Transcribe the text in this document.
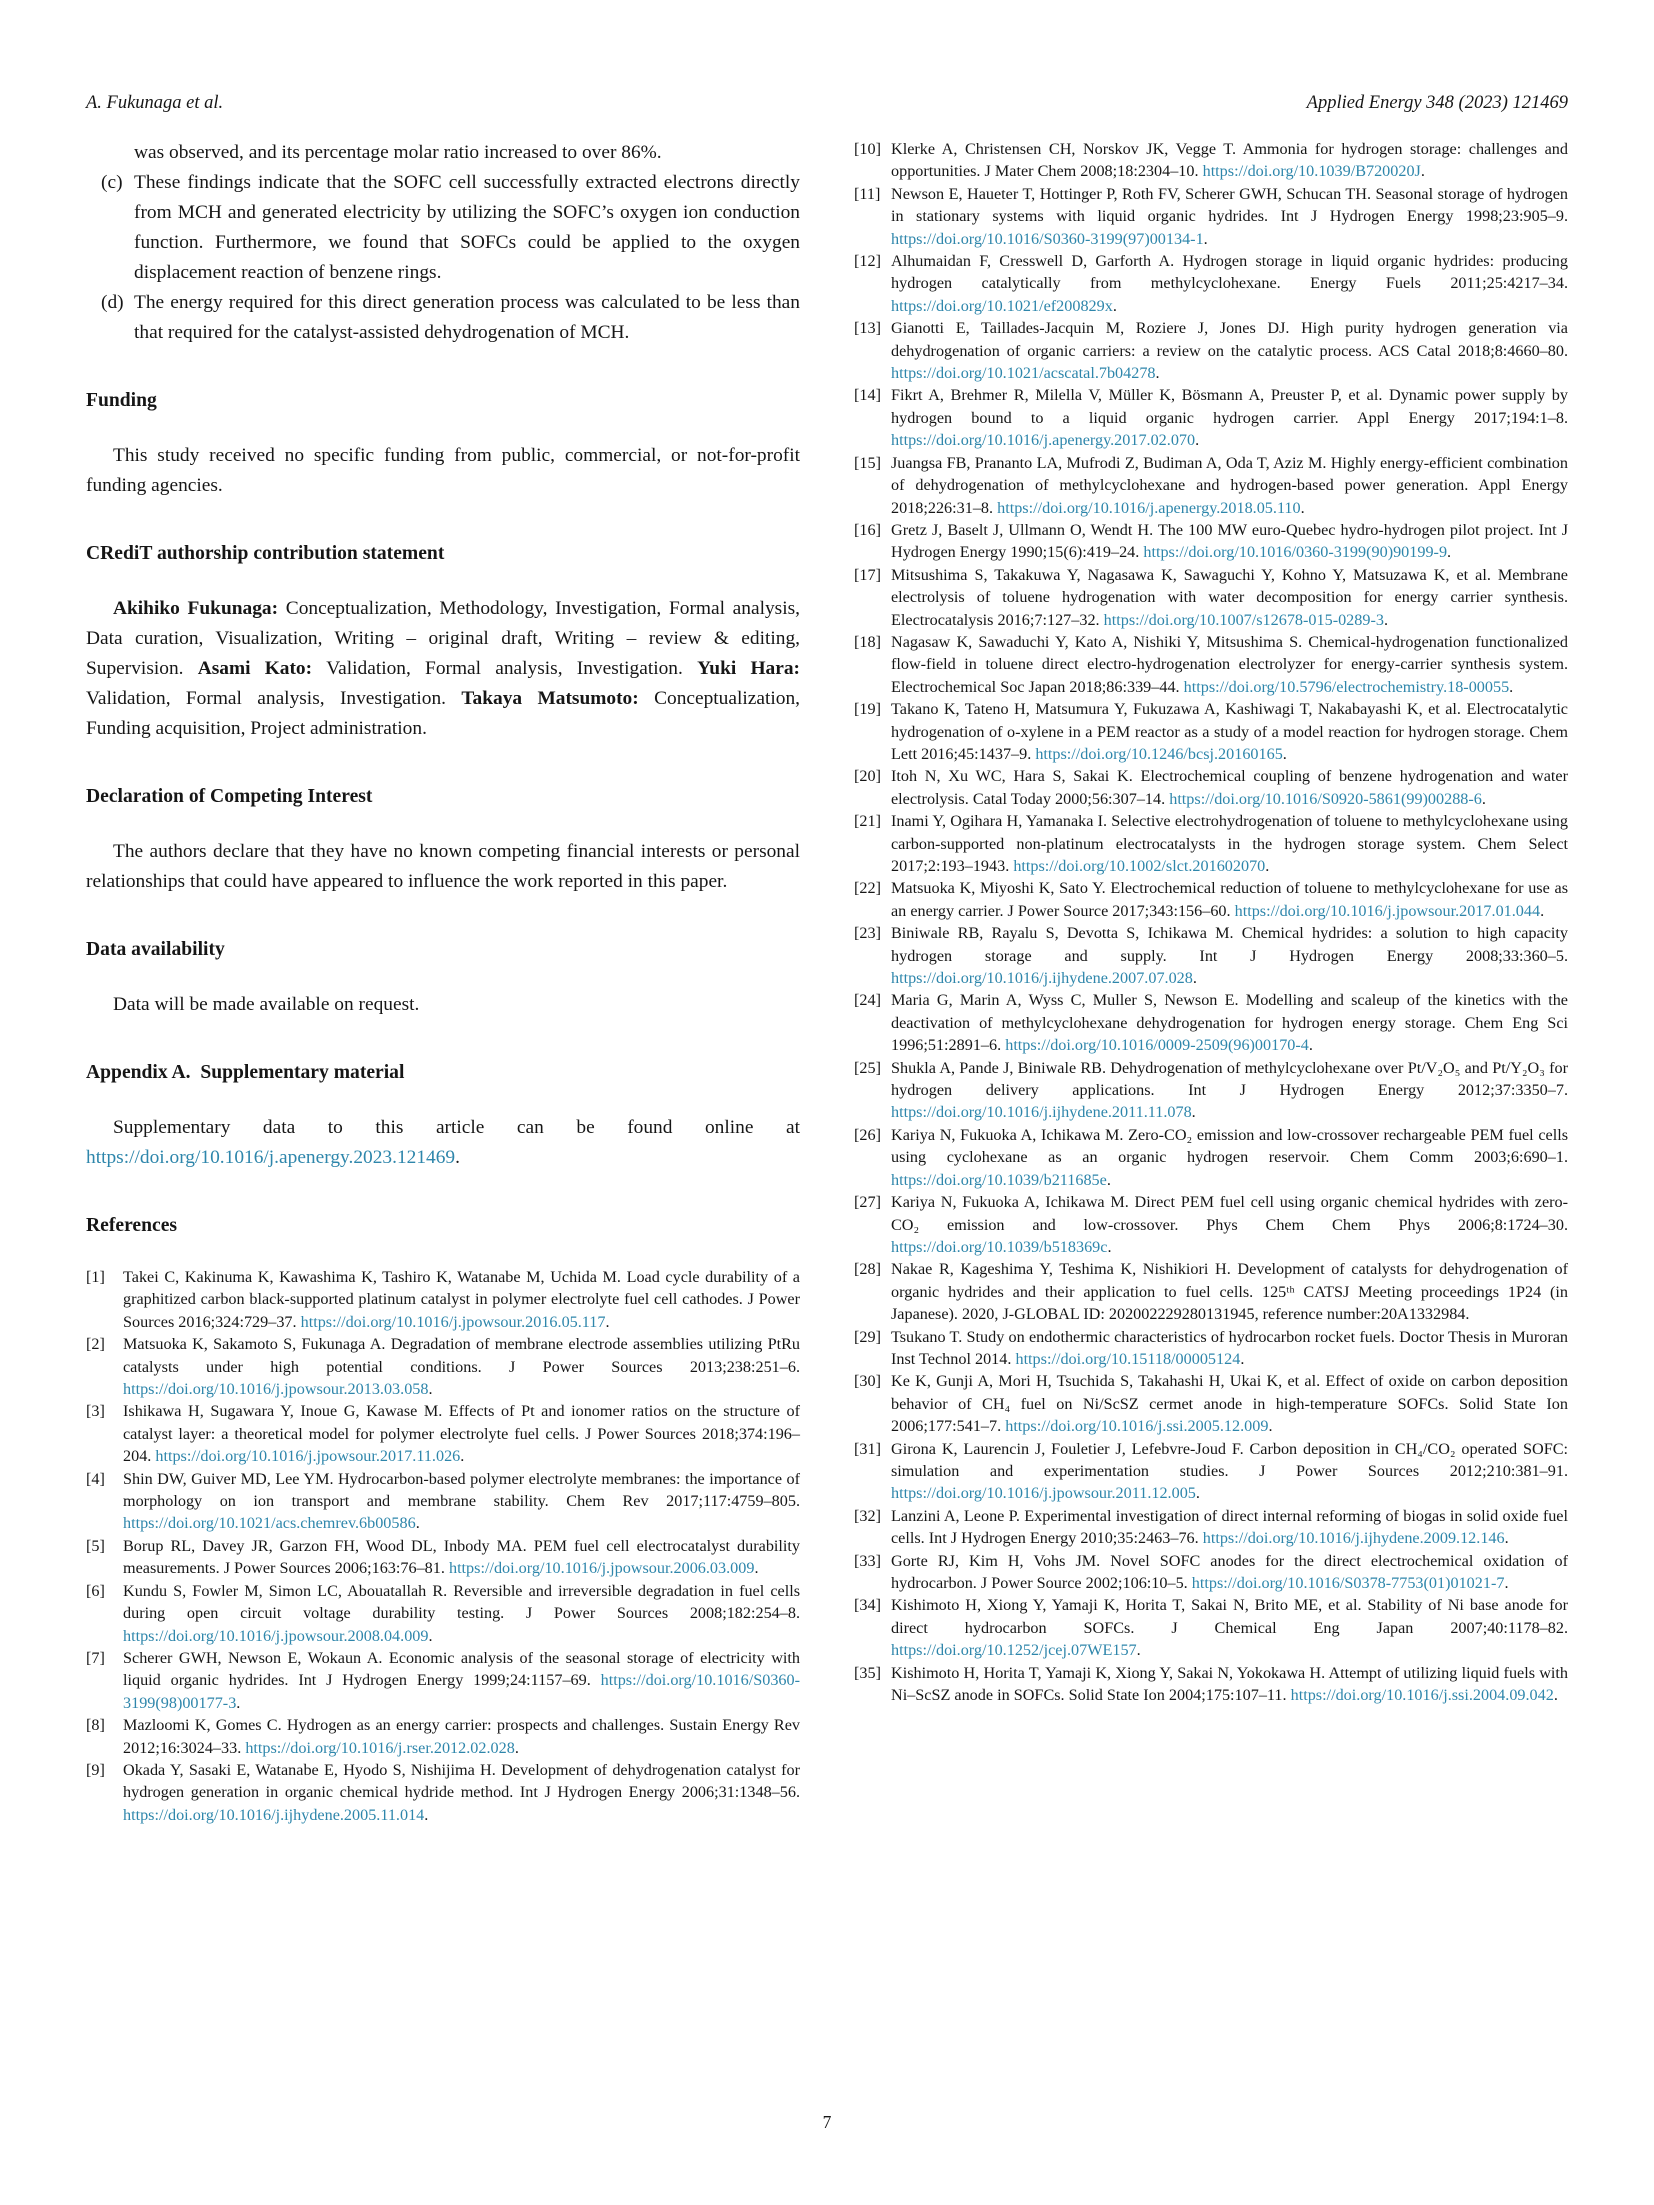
A. Fukunaga et al.	Applied Energy 348 (2023) 121469
was observed, and its percentage molar ratio increased to over 86%.
(c) These findings indicate that the SOFC cell successfully extracted electrons directly from MCH and generated electricity by utilizing the SOFC’s oxygen ion conduction function. Furthermore, we found that SOFCs could be applied to the oxygen displacement reaction of benzene rings.
(d) The energy required for this direct generation process was calculated to be less than that required for the catalyst-assisted dehydrogenation of MCH.
Funding

This study received no specific funding from public, commercial, or not-for-profit funding agencies.

CRediT authorship contribution statement

Akihiko Fukunaga: Conceptualization, Methodology, Investigation, Formal analysis, Data curation, Visualization, Writing – original draft, Writing – review & editing, Supervision. Asami Kato: Validation, Formal analysis, Investigation. Yuki Hara: Validation, Formal analysis, Investigation. Takaya Matsumoto: Conceptualization, Funding acquisition, Project administration.

Declaration of Competing Interest

The authors declare that they have no known competing financial interests or personal relationships that could have appeared to influence the work reported in this paper.

Data availability

Data will be made available on request.

Appendix A.  Supplementary material

Supplementary data to this article can be found online at https://doi.org/10.1016/j.apenergy.2023.121469.

References
[1] Takei C, Kakinuma K, Kawashima K, Tashiro K, Watanabe M, Uchida M. Load cycle durability of a graphitized carbon black-supported platinum catalyst in polymer electrolyte fuel cell cathodes. J Power Sources 2016;324:729–37. https://doi.org/10.1016/j.jpowsour.2016.05.117.
[2] Matsuoka K, Sakamoto S, Fukunaga A. Degradation of membrane electrode assemblies utilizing PtRu catalysts under high potential conditions. J Power Sources 2013;238:251–6. https://doi.org/10.1016/j.jpowsour.2013.03.058.
[3] Ishikawa H, Sugawara Y, Inoue G, Kawase M. Effects of Pt and ionomer ratios on the structure of catalyst layer: a theoretical model for polymer electrolyte fuel cells. J Power Sources 2018;374:196–204. https://doi.org/10.1016/j.jpowsour.2017.11.026.
[4] Shin DW, Guiver MD, Lee YM. Hydrocarbon-based polymer electrolyte membranes: the importance of morphology on ion transport and membrane stability. Chem Rev 2017;117:4759–805. https://doi.org/10.1021/acs.chemrev.6b00586.
[5] Borup RL, Davey JR, Garzon FH, Wood DL, Inbody MA. PEM fuel cell electrocatalyst durability measurements. J Power Sources 2006;163:76–81. https://doi.org/10.1016/j.jpowsour.2006.03.009.
[6] Kundu S, Fowler M, Simon LC, Abouatallah R. Reversible and irreversible degradation in fuel cells during open circuit voltage durability testing. J Power Sources 2008;182:254–8. https://doi.org/10.1016/j.jpowsour.2008.04.009.
[7] Scherer GWH, Newson E, Wokaun A. Economic analysis of the seasonal storage of electricity with liquid organic hydrides. Int J Hydrogen Energy 1999;24:1157–69. https://doi.org/10.1016/S0360-3199(98)00177-3.
[8] Mazloomi K, Gomes C. Hydrogen as an energy carrier: prospects and challenges. Sustain Energy Rev 2012;16:3024–33. https://doi.org/10.1016/j.rser.2012.02.028.
[9] Okada Y, Sasaki E, Watanabe E, Hyodo S, Nishijima H. Development of dehydrogenation catalyst for hydrogen generation in organic chemical hydride method. Int J Hydrogen Energy 2006;31:1348–56. https://doi.org/10.1016/j.ijhydene.2005.11.014.
[10] Klerke A, Christensen CH, Norskov JK, Vegge T. Ammonia for hydrogen storage: challenges and opportunities. J Mater Chem 2008;18:2304–10. https://doi.org/10.1039/B720020J.
[11] Newson E, Haueter T, Hottinger P, Roth FV, Scherer GWH, Schucan TH. Seasonal storage of hydrogen in stationary systems with liquid organic hydrides. Int J Hydrogen Energy 1998;23:905–9. https://doi.org/10.1016/S0360-3199(97)00134-1.
[12] Alhumaidan F, Cresswell D, Garforth A. Hydrogen storage in liquid organic hydrides: producing hydrogen catalytically from methylcyclohexane. Energy Fuels 2011;25:4217–34. https://doi.org/10.1021/ef200829x.
[13] Gianotti E, Taillades-Jacquin M, Roziere J, Jones DJ. High purity hydrogen generation via dehydrogenation of organic carriers: a review on the catalytic process. ACS Catal 2018;8:4660–80. https://doi.org/10.1021/acscatal.7b04278.
[14] Fikrt A, Brehmer R, Milella V, Müller K, Bösmann A, Preuster P, et al. Dynamic power supply by hydrogen bound to a liquid organic hydrogen carrier. Appl Energy 2017;194:1–8. https://doi.org/10.1016/j.apenergy.2017.02.070.
[15] Juangsa FB, Prananto LA, Mufrodi Z, Budiman A, Oda T, Aziz M. Highly energy-efficient combination of dehydrogenation of methylcyclohexane and hydrogen-based power generation. Appl Energy 2018;226:31–8. https://doi.org/10.1016/j.apenergy.2018.05.110.
[16] Gretz J, Baselt J, Ullmann O, Wendt H. The 100 MW euro-Quebec hydro-hydrogen pilot project. Int J Hydrogen Energy 1990;15(6):419–24. https://doi.org/10.1016/0360-3199(90)90199-9.
[17] Mitsushima S, Takakuwa Y, Nagasawa K, Sawaguchi Y, Kohno Y, Matsuzawa K, et al. Membrane electrolysis of toluene hydrogenation with water decomposition for energy carrier synthesis. Electrocatalysis 2016;7:127–32. https://doi.org/10.1007/s12678-015-0289-3.
[18] Nagasaw K, Sawaduchi Y, Kato A, Nishiki Y, Mitsushima S. Chemical-hydrogenation functionalized flow-field in toluene direct electro-hydrogenation electrolyzer for energy-carrier synthesis system. Electrochemical Soc Japan 2018;86:339–44. https://doi.org/10.5796/electrochemistry.18-00055.
[19] Takano K, Tateno H, Matsumura Y, Fukuzawa A, Kashiwagi T, Nakabayashi K, et al. Electrocatalytic hydrogenation of o-xylene in a PEM reactor as a study of a model reaction for hydrogen storage. Chem Lett 2016;45:1437–9. https://doi.org/10.1246/bcsj.20160165.
[20] Itoh N, Xu WC, Hara S, Sakai K. Electrochemical coupling of benzene hydrogenation and water electrolysis. Catal Today 2000;56:307–14. https://doi.org/10.1016/S0920-5861(99)00288-6.
[21] Inami Y, Ogihara H, Yamanaka I. Selective electrohydrogenation of toluene to methylcyclohexane using carbon-supported non-platinum electrocatalysts in the hydrogen storage system. Chem Select 2017;2:193–1943. https://doi.org/10.1002/slct.201602070.
[22] Matsuoka K, Miyoshi K, Sato Y. Electrochemical reduction of toluene to methylcyclohexane for use as an energy carrier. J Power Source 2017;343:156–60. https://doi.org/10.1016/j.jpowsour.2017.01.044.
[23] Biniwale RB, Rayalu S, Devotta S, Ichikawa M. Chemical hydrides: a solution to high capacity hydrogen storage and supply. Int J Hydrogen Energy 2008;33:360–5. https://doi.org/10.1016/j.ijhydene.2007.07.028.
[24] Maria G, Marin A, Wyss C, Muller S, Newson E. Modelling and scaleup of the kinetics with the deactivation of methylcyclohexane dehydrogenation for hydrogen energy storage. Chem Eng Sci 1996;51:2891–6. https://doi.org/10.1016/0009-2509(96)00170-4.
[25] Shukla A, Pande J, Biniwale RB. Dehydrogenation of methylcyclohexane over Pt/V₂O₅ and Pt/Y₂O₃ for hydrogen delivery applications. Int J Hydrogen Energy 2012;37:3350–7. https://doi.org/10.1016/j.ijhydene.2011.11.078.
[26] Kariya N, Fukuoka A, Ichikawa M. Zero-CO₂ emission and low-crossover rechargeable PEM fuel cells using cyclohexane as an organic hydrogen reservoir. Chem Comm 2003;6:690–1. https://doi.org/10.1039/b211685e.
[27] Kariya N, Fukuoka A, Ichikawa M. Direct PEM fuel cell using organic chemical hydrides with zero-CO₂ emission and low-crossover. Phys Chem Chem Phys 2006;8:1724–30. https://doi.org/10.1039/b518369c.
[28] Nakae R, Kageshima Y, Teshima K, Nishikiori H. Development of catalysts for dehydrogenation of organic hydrides and their application to fuel cells. 125ᵗʰ CATSJ Meeting proceedings 1P24 (in Japanese). 2020, J-GLOBAL ID: 202002229280131945, reference number:20A1332984.
[29] Tsukano T. Study on endothermic characteristics of hydrocarbon rocket fuels. Doctor Thesis in Muroran Inst Technol 2014. https://doi.org/10.15118/00005124.
[30] Ke K, Gunji A, Mori H, Tsuchida S, Takahashi H, Ukai K, et al. Effect of oxide on carbon deposition behavior of CH₄ fuel on Ni/ScSZ cermet anode in high-temperature SOFCs. Solid State Ion 2006;177:541–7. https://doi.org/10.1016/j.ssi.2005.12.009.
[31] Girona K, Laurencin J, Fouletier J, Lefebvre-Joud F. Carbon deposition in CH₄/CO₂ operated SOFC: simulation and experimentation studies. J Power Sources 2012;210:381–91. https://doi.org/10.1016/j.jpowsour.2011.12.005.
[32] Lanzini A, Leone P. Experimental investigation of direct internal reforming of biogas in solid oxide fuel cells. Int J Hydrogen Energy 2010;35:2463–76. https://doi.org/10.1016/j.ijhydene.2009.12.146.
[33] Gorte RJ, Kim H, Vohs JM. Novel SOFC anodes for the direct electrochemical oxidation of hydrocarbon. J Power Source 2002;106:10–5. https://doi.org/10.1016/S0378-7753(01)01021-7.
[34] Kishimoto H, Xiong Y, Yamaji K, Horita T, Sakai N, Brito ME, et al. Stability of Ni base anode for direct hydrocarbon SOFCs. J Chemical Eng Japan 2007;40:1178–82. https://doi.org/10.1252/jcej.07WE157.
[35] Kishimoto H, Horita T, Yamaji K, Xiong Y, Sakai N, Yokokawa H. Attempt of utilizing liquid fuels with Ni–ScSZ anode in SOFCs. Solid State Ion 2004;175:107–11. https://doi.org/10.1016/j.ssi.2004.09.042.
7
